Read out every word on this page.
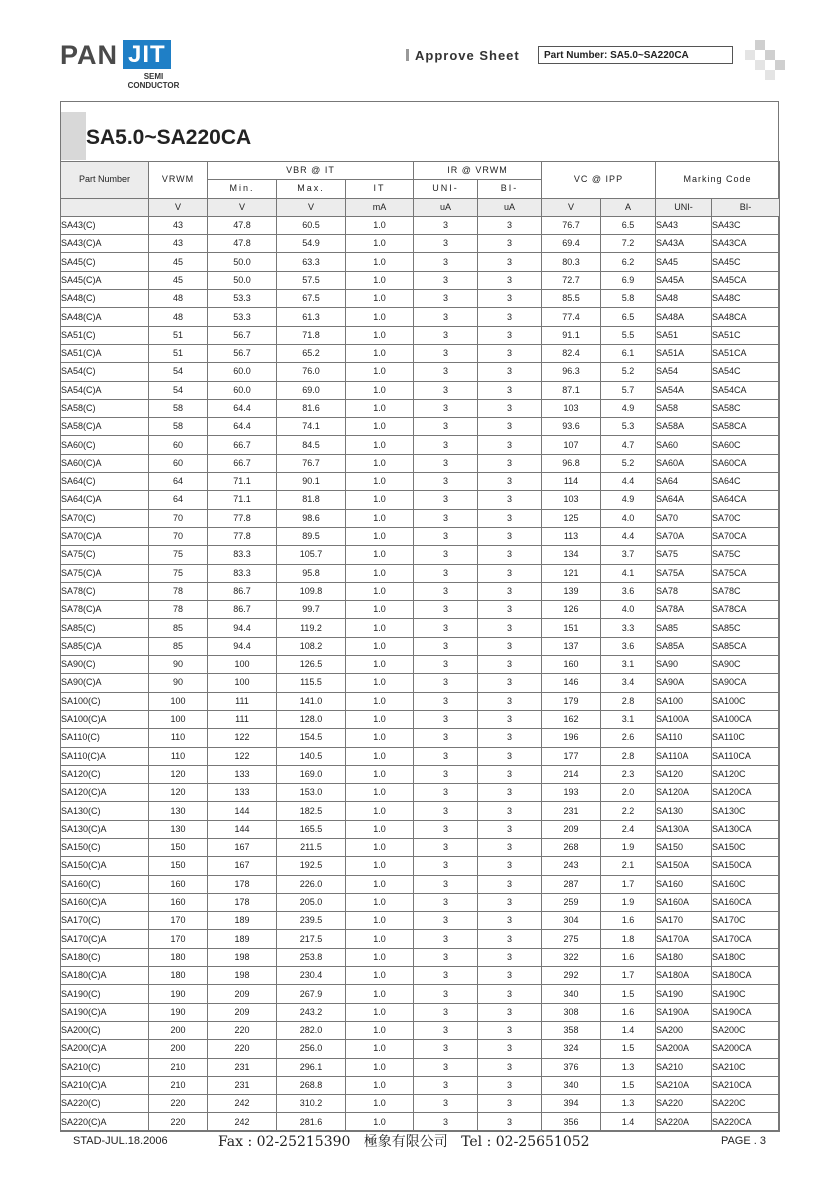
PAN JIT
SEMI
CONDUCTOR
Approve Sheet	Part Number: SA5.0~SA220CA
SA5.0~SA220CA
Part Number	VRWM	VBR @ IT			IR @ VRWM		VC @ IPP		Marking Code	
		Min.	Max.	IT	UNI-	BI-				
	V	V	V	mA	uA	uA	V	A	UNI-	BI-
SA43(C)	43	47.8	60.5	1.0	3	3	76.7	6.5	SA43	SA43C
SA43(C)A	43	47.8	54.9	1.0	3	3	69.4	7.2	SA43A	SA43CA
SA45(C)	45	50.0	63.3	1.0	3	3	80.3	6.2	SA45	SA45C
SA45(C)A	45	50.0	57.5	1.0	3	3	72.7	6.9	SA45A	SA45CA
SA48(C)	48	53.3	67.5	1.0	3	3	85.5	5.8	SA48	SA48C
SA48(C)A	48	53.3	61.3	1.0	3	3	77.4	6.5	SA48A	SA48CA
SA51(C)	51	56.7	71.8	1.0	3	3	91.1	5.5	SA51	SA51C
SA51(C)A	51	56.7	65.2	1.0	3	3	82.4	6.1	SA51A	SA51CA
SA54(C)	54	60.0	76.0	1.0	3	3	96.3	5.2	SA54	SA54C
SA54(C)A	54	60.0	69.0	1.0	3	3	87.1	5.7	SA54A	SA54CA
SA58(C)	58	64.4	81.6	1.0	3	3	103	4.9	SA58	SA58C
SA58(C)A	58	64.4	74.1	1.0	3	3	93.6	5.3	SA58A	SA58CA
SA60(C)	60	66.7	84.5	1.0	3	3	107	4.7	SA60	SA60C
SA60(C)A	60	66.7	76.7	1.0	3	3	96.8	5.2	SA60A	SA60CA
SA64(C)	64	71.1	90.1	1.0	3	3	114	4.4	SA64	SA64C
SA64(C)A	64	71.1	81.8	1.0	3	3	103	4.9	SA64A	SA64CA
SA70(C)	70	77.8	98.6	1.0	3	3	125	4.0	SA70	SA70C
SA70(C)A	70	77.8	89.5	1.0	3	3	113	4.4	SA70A	SA70CA
SA75(C)	75	83.3	105.7	1.0	3	3	134	3.7	SA75	SA75C
SA75(C)A	75	83.3	95.8	1.0	3	3	121	4.1	SA75A	SA75CA
SA78(C)	78	86.7	109.8	1.0	3	3	139	3.6	SA78	SA78C
SA78(C)A	78	86.7	99.7	1.0	3	3	126	4.0	SA78A	SA78CA
SA85(C)	85	94.4	119.2	1.0	3	3	151	3.3	SA85	SA85C
SA85(C)A	85	94.4	108.2	1.0	3	3	137	3.6	SA85A	SA85CA
SA90(C)	90	100	126.5	1.0	3	3	160	3.1	SA90	SA90C
SA90(C)A	90	100	115.5	1.0	3	3	146	3.4	SA90A	SA90CA
SA100(C)	100	111	141.0	1.0	3	3	179	2.8	SA100	SA100C
SA100(C)A	100	111	128.0	1.0	3	3	162	3.1	SA100A	SA100CA
SA110(C)	110	122	154.5	1.0	3	3	196	2.6	SA110	SA110C
SA110(C)A	110	122	140.5	1.0	3	3	177	2.8	SA110A	SA110CA
SA120(C)	120	133	169.0	1.0	3	3	214	2.3	SA120	SA120C
SA120(C)A	120	133	153.0	1.0	3	3	193	2.0	SA120A	SA120CA
SA130(C)	130	144	182.5	1.0	3	3	231	2.2	SA130	SA130C
SA130(C)A	130	144	165.5	1.0	3	3	209	2.4	SA130A	SA130CA
SA150(C)	150	167	211.5	1.0	3	3	268	1.9	SA150	SA150C
SA150(C)A	150	167	192.5	1.0	3	3	243	2.1	SA150A	SA150CA
SA160(C)	160	178	226.0	1.0	3	3	287	1.7	SA160	SA160C
SA160(C)A	160	178	205.0	1.0	3	3	259	1.9	SA160A	SA160CA
SA170(C)	170	189	239.5	1.0	3	3	304	1.6	SA170	SA170C
SA170(C)A	170	189	217.5	1.0	3	3	275	1.8	SA170A	SA170CA
SA180(C)	180	198	253.8	1.0	3	3	322	1.6	SA180	SA180C
SA180(C)A	180	198	230.4	1.0	3	3	292	1.7	SA180A	SA180CA
SA190(C)	190	209	267.9	1.0	3	3	340	1.5	SA190	SA190C
SA190(C)A	190	209	243.2	1.0	3	3	308	1.6	SA190A	SA190CA
SA200(C)	200	220	282.0	1.0	3	3	358	1.4	SA200	SA200C
SA200(C)A	200	220	256.0	1.0	3	3	324	1.5	SA200A	SA200CA
SA210(C)	210	231	296.1	1.0	3	3	376	1.3	SA210	SA210C
SA210(C)A	210	231	268.8	1.0	3	3	340	1.5	SA210A	SA210CA
SA220(C)	220	242	310.2	1.0	3	3	394	1.3	SA220	SA220C
SA220(C)A	220	242	281.6	1.0	3	3	356	1.4	SA220A	SA220CA
STAD-JUL.18.2006	Fax : 02-25215390   極象有限公司   Tel : 02-25651052	PAGE . 3
